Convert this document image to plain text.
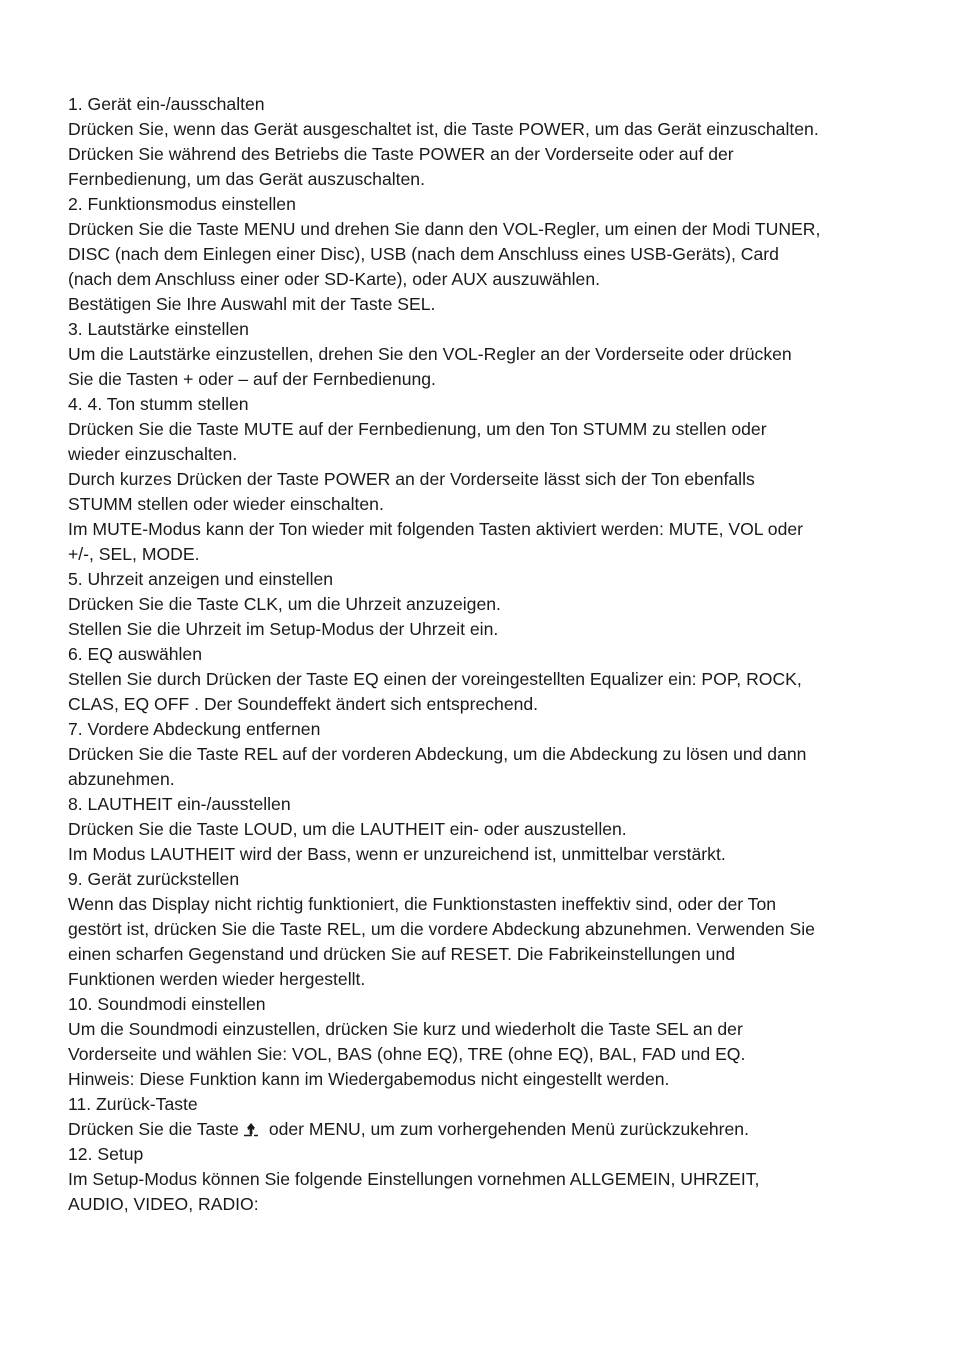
1. Gerät ein-/ausschalten
Drücken Sie, wenn das Gerät ausgeschaltet ist, die Taste POWER, um das Gerät einzuschalten.
Drücken Sie während des Betriebs die Taste POWER an der Vorderseite oder auf der
Fernbedienung, um das Gerät auszuschalten.
2. Funktionsmodus einstellen
Drücken Sie die Taste MENU und drehen Sie dann den VOL-Regler, um einen der Modi TUNER,
DISC (nach dem Einlegen einer Disc), USB (nach dem Anschluss eines USB-Geräts), Card
(nach dem Anschluss einer oder SD-Karte), oder AUX auszuwählen.
Bestätigen Sie Ihre Auswahl mit der Taste SEL.
3. Lautstärke einstellen
Um die Lautstärke einzustellen, drehen Sie den VOL-Regler an der Vorderseite oder drücken
Sie die Tasten + oder – auf der Fernbedienung.
4. 4. Ton stumm stellen
Drücken Sie die Taste MUTE auf der Fernbedienung, um den Ton STUMM zu stellen oder
wieder einzuschalten.
Durch kurzes Drücken der Taste POWER an der Vorderseite lässt sich der Ton ebenfalls
STUMM stellen oder wieder einschalten.
Im MUTE-Modus kann der Ton wieder mit folgenden Tasten aktiviert werden: MUTE, VOL oder
+/-, SEL, MODE.
5. Uhrzeit anzeigen und einstellen
Drücken Sie die Taste CLK, um die Uhrzeit anzuzeigen.
Stellen Sie die Uhrzeit im Setup-Modus der Uhrzeit ein.
6. EQ auswählen
Stellen Sie durch Drücken der Taste EQ einen der voreingestellten Equalizer ein: POP, ROCK,
CLAS, EQ OFF . Der Soundeffekt ändert sich entsprechend.
7. Vordere Abdeckung entfernen
Drücken Sie die Taste REL auf der vorderen Abdeckung, um die Abdeckung zu lösen und dann
abzunehmen.
8. LAUTHEIT ein-/ausstellen
Drücken Sie die Taste LOUD, um die LAUTHEIT ein- oder auszustellen.
Im Modus LAUTHEIT wird der Bass, wenn er unzureichend ist, unmittelbar verstärkt.
9. Gerät zurückstellen
Wenn das Display nicht richtig funktioniert, die Funktionstasten ineffektiv sind, oder der Ton
gestört ist, drücken Sie die Taste REL, um die vordere Abdeckung abzunehmen. Verwenden Sie
einen scharfen Gegenstand und drücken Sie auf RESET. Die Fabrikeinstellungen und
Funktionen werden wieder hergestellt.
10. Soundmodi einstellen
Um die Soundmodi einzustellen, drücken Sie kurz und wiederholt die Taste SEL an der
Vorderseite und wählen Sie: VOL, BAS (ohne EQ), TRE (ohne EQ), BAL, FAD und EQ.
Hinweis: Diese Funktion kann im Wiedergabemodus nicht eingestellt werden.
11. Zurück-Taste
Drücken Sie die Taste oder MENU, um zum vorhergehenden Menü zurückzukehren.
12. Setup
Im Setup-Modus können Sie folgende Einstellungen vornehmen ALLGEMEIN, UHRZEIT,
AUDIO, VIDEO, RADIO:
